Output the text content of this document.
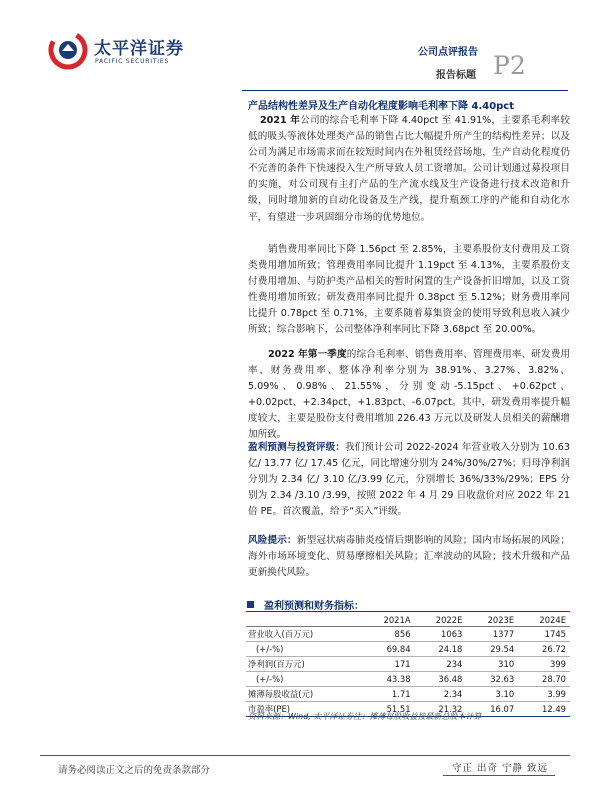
太平洋证券
PACIFIC SECURITIES
公司点评报告
报告标题 P2
产品结构性差异及生产自动化程度影响毛利率下降 4.40pct
2021 年公司的综合毛利率下降 4.40pct 至 41.91%，主要系毛利率较低的吸头等液体处理类产品的销售占比大幅提升所产生的结构性差异；以及公司为满足市场需求而在较短时间内在外租赁经营场地，生产自动化程度仍不完善的条件下快速投入生产所导致人员工资增加。公司计划通过募投项目的实施，对公司现有主打产品的生产流水线及生产设备进行技术改造和升级，同时增加新的自动化设备及生产线，提升瓶颈工序的产能和自动化水平，有望进一步巩固细分市场的优势地位。
销售费用率同比下降 1.56pct 至 2.85%，主要系股份支付费用及工资类费用增加所致；管理费用率同比提升 1.19pct 至 4.13%，主要系股份支付费用增加、与防护类产品相关的暂时闲置的生产设备折旧增加，以及工资性费用增加所致；研发费用率同比提升 0.38pct 至 5.12%；财务费用率同比提升 0.78pct 至 0.71%，主要系随着募集资金的使用导致利息收入减少所致；综合影响下，公司整体净利率同比下降 3.68pct 至 20.00%。
2022 年第一季度的综合毛利率、销售费用率、管理费用率、研发费用率、财务费用率、整体净利率分别为 38.91%、3.27%、3.82%、5.09%、0.98%、21.55%，分别变动-5.15pct、+0.62pct、+0.02pct、+2.34pct、+1.83pct、-6.07pct。其中，研发费用率提升幅度较大，主要是股份支付费用增加 226.43 万元以及研发人员相关的薪酬增加所致。
盈利预测与投资评级：我们预计公司 2022-2024 年营业收入分别为 10.63 亿/ 13.77 亿/ 17.45 亿元，同比增速分别为 24%/30%/27%；归母净利润分别为 2.34 亿/ 3.10 亿/3.99 亿元，分别增长 36%/33%/29%；EPS 分别为 2.34 /3.10 /3.99，按照 2022 年 4 月 29 日收盘价对应 2022 年 21 倍 PE。首次覆盖，给予“买入”评级。
风险提示：新型冠状病毒肺炎疫情后期影响的风险；国内市场拓展的风险；海外市场环境变化、贸易摩擦相关风险；汇率波动的风险；技术升级和产品更新换代风险。
盈利预测和财务指标：
	2021A	2022E	2023E	2024E
营业收入(百万元)	856	1063	1377	1745
(+/-%)	69.84	24.18	29.54	26.72
净利润(百万元)	171	234	310	399
(+/-%)	43.38	36.48	32.63	28.70
摊薄每股收益(元)	1.71	2.34	3.10	3.99
市盈率(PE)	51.51	21.32	16.07	12.49
资料来源：Wind, 太平洋证券注：摊薄每股收益按最新总股本计算
请务必阅读正文之后的免责条款部分	守正 出奇 宁静 致远
